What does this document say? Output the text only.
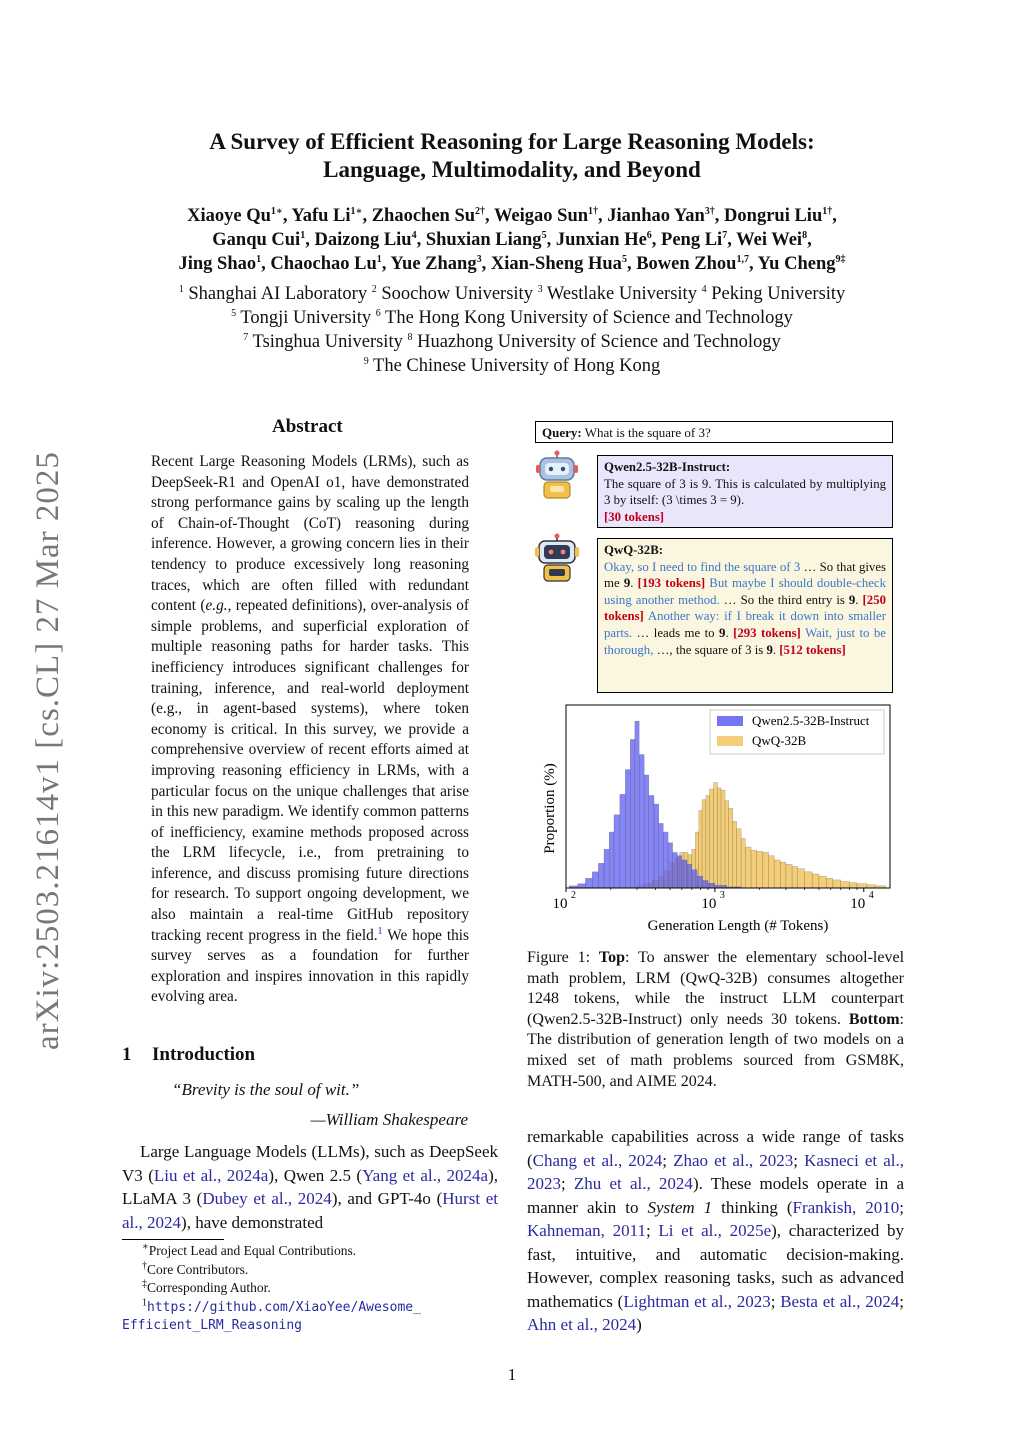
arXiv:2503.21614v1 [cs.CL] 27 Mar 2025
A Survey of Efficient Reasoning for Large Reasoning Models:
Language, Multimodality, and Beyond
Xiaoye $Qu^{1∗}$, Yafu $Li^{1∗}$, Zhaochen $Su^{2\dagger}$, Weigao Sun$^{1\dagger}$, Jianhao Yan$^{3\dagger}$, Dongrui Liu$^{1\dagger}$,
Ganqu Cui$^1$, Daizong Liu$^4$, Shuxian Liang$^5$, Junxian He$^6$, Peng Li$^7$, Wei Wei$^8$,
Jing Shao$^1$, Chaochao Lu$^1$, Yue Zhang$^3$, Xian-Sheng Hua$^5$, Bowen Zhou$^{1,7}$, Yu Cheng$^{9\ddagger}$
$^1$ Shanghai AI Laboratory $^2$ Soochow University $^3$ Westlake University $^4$ Peking University
$^5$ Tongji University $^6$ The Hong Kong University of Science and Technology
$^7$ Tsinghua University $^8$ Huazhong University of Science and Technology
$^9$ The Chinese University of Hong Kong
Abstract
Recent Large Reasoning Models (LRMs), such as DeepSeek-R1 and OpenAI o1, have demonstrated strong performance gains by scaling up the length of Chain-of-Thought (CoT) reasoning during inference. However, a growing concern lies in their tendency to produce excessively long reasoning traces, which are often filled with redundant content (e.g., repeated definitions), over-analysis of simple problems, and superficial exploration of multiple reasoning paths for harder tasks. This inefficiency introduces significant challenges for training, inference, and real-world deployment (e.g., in agent-based systems), where token economy is critical. In this survey, we provide a comprehensive overview of recent efforts aimed at improving reasoning efficiency in LRMs, with a particular focus on the unique challenges that arise in this new paradigm. We identify common patterns of inefficiency, examine methods proposed across the LRM lifecycle, i.e., from pretraining to inference, and discuss promising future directions for research. To support ongoing development, we also maintain a real-time GitHub repository tracking recent progress in the field.$^1$ We hope this survey serves as a foundation for further exploration and inspires innovation in this rapidly evolving area.
1 Introduction
“Brevity is the soul of wit.”
—William Shakespeare
Large Language Models (LLMs), such as DeepSeek V3 (Liu et al., 2024a), Qwen 2.5 (Yang et al., 2024a), LLaMA 3 (Dubey et al., 2024), and GPT-4o (Hurst et al., 2024), have demonstrated
∗Project Lead and Equal Contributions.
†Core Contributors.
‡Corresponding Author.
$^1$https://github.com/XiaoYee/Awesome_
Efficient_LRM_Reasoning
Query: What is the square of 3?
Qwen2.5-32B-Instruct:
The square of 3 is 9. This is calculated by multiplying 3 by itself: (3 \times 3 = 9).
[30 tokens]
QwQ-32B:
Okay, so I need to find the square of 3 … So that gives me 9. [193 tokens] But maybe I should double-check using another method. … So the third entry is 9. [250 tokens] Another way: if I break it down into smaller parts. … leads me to 9. [293 tokens] Wait, just to be thorough, …, the square of 3 is 9. [512 tokens]
10
2
10
3
10
4
Generation Length (# Tokens)
Proportion (%)
Qwen2.5-32B-Instruct
QwQ-32B
Figure 1: Top: To answer the elementary school-level math problem, LRM (QwQ-32B) consumes altogether 1248 tokens, while the instruct LLM counterpart (Qwen2.5-32B-Instruct) only needs 30 tokens. Bottom: The distribution of generation length of two models on a mixed set of math problems sourced from GSM8K, MATH-500, and AIME 2024.
remarkable capabilities across a wide range of tasks (Chang et al., 2024; Zhao et al., 2023; Kasneci et al., 2023; Zhu et al., 2024). These models operate in a manner akin to System 1 thinking (Frankish, 2010; Kahneman, 2011; Li et al., 2025e), characterized by fast, intuitive, and automatic decision-making. However, complex reasoning tasks, such as advanced mathematics (Lightman et al., 2023; Besta et al., 2024; Ahn et al., 2024)
1
